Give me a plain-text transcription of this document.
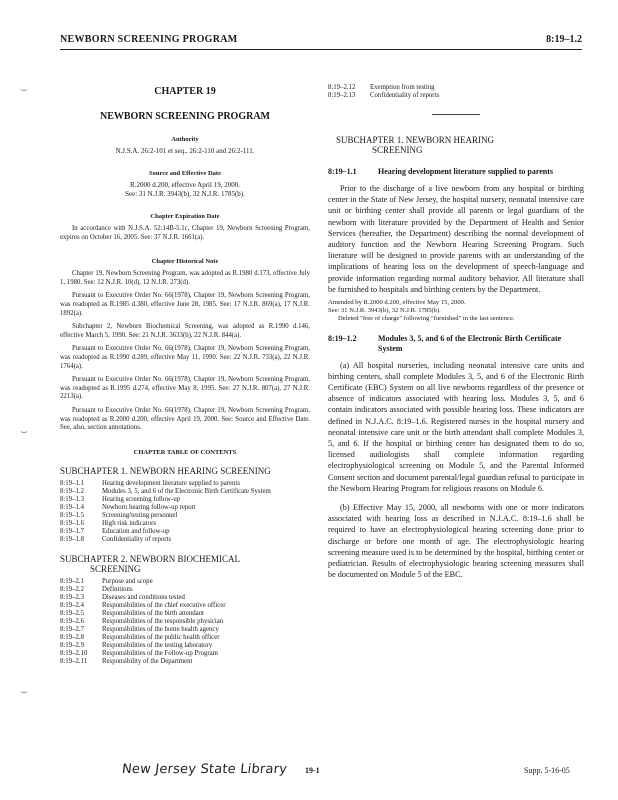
NEWBORN SCREENING PROGRAM	8:19–1.2
⌣
⌣
⌣
CHAPTER 19
NEWBORN SCREENING PROGRAM
Authority
N.J.S.A. 26:2-101 et seq., 26:2-110 and 26:2-111.
Source and Effective Date
R.2000 d.200, effective April 19, 2000.
See: 31 N.J.R. 3943(b), 32 N.J.R. 1785(b).
Chapter Expiration Date

In accordance with N.J.S.A. 52:14B-5.1c, Chapter 19, Newborn Screening Program, expires on October 16, 2005. See: 37 N.J.R. 1661(a).

Chapter Historical Note

Chapter 19, Newborn Screening Program, was adopted as R.1980 d.173, effective July 1, 1980. See: 12 N.J.R. 10(d), 12 N.J.R. 273(d).

Pursuant to Executive Order No. 66(1978), Chapter 19, Newborn Screening Program, was readopted as R.1985 d.380, effective June 28, 1985. See: 17 N.J.R. 869(a), 17 N.J.R. 1892(a).

Subchapter 2, Newborn Biochemical Screening, was adopted as R.1990 d.146, effective March 5, 1990. See: 21 N.J.R. 3633(b), 22 N.J.R. 844(a).

Pursuant to Executive Order No. 66(1978), Chapter 19, Newborn Screening Program, was readopted as R.1990 d.289, effective May 11, 1990. See: 22 N.J.R. 733(a), 22 N.J.R. 1764(a).

Pursuant to Executive Order No. 66(1978), Chapter 19, Newborn Screening Program, was readopted as R.1995 d.274, effective May 8, 1995. See: 27 N.J.R. 807(a), 27 N.J.R. 2213(a).

Pursuant to Executive Order No. 66(1978), Chapter 19, Newborn Screening Program, was readopted as R.2000 d.200, effective April 19, 2000. See: Source and Effective Date. See, also, section annotations.

CHAPTER TABLE OF CONTENTS
SUBCHAPTER 1. NEWBORN HEARING SCREENING
8:19–1.1	Hearing development literature supplied to parents
8:19–1.2	Modules 3, 5, and 6 of the Electronic Birth Certificate System
8:19–1.3	Hearing screening follow-up
8:19–1.4	Newborn hearing follow-up report
8:19–1.5	Screening/testing personnel
8:19–1.6	High risk indicators
8:19–1.7	Education and follow-up
8:19–1.8	Confidentiality of reports
SUBCHAPTER 2. NEWBORN BIOCHEMICAL
SCREENING
8:19–2.1	Purpose and scope
8:19–2.2	Definitions
8:19–2.3	Diseases and conditions tested
8:19–2.4	Responsibilities of the chief executive officer
8:19–2.5	Responsibilities of the birth attendant
8:19–2.6	Responsibilities of the responsible physician
8:19–2.7	Responsibilities of the home health agency
8:19–2.8	Responsibilities of the public health officer
8:19–2.9	Responsibilities of the testing laboratory
8:19–2.10	Responsibilities of the Follow-up Program
8:19–2.11	Responsibility of the Department
8:19–2.12	Exemption from testing
8:19–2.13	Confidentiality of reports
SUBCHAPTER 1. NEWBORN HEARING
SCREENING
8:19–1.1	Hearing development literature supplied to parents

Prior to the discharge of a live newborn from any hospital or birthing center in the State of New Jersey, the hospital nursery, neonatal intensive care unit or birthing center shall provide all parents or legal guardians of the newborn with literature provided by the Department of Health and Senior Services (hereafter, the Department) describing the normal development of auditory function and the Newborn Hearing Screening Program. Such literature will be designed to provide parents with an understanding of the implications of hearing loss on the development of speech-language and provide information regarding normal auditory behavior. All literature shall be furnished to hospitals and birthing centers by the Department.

Amended by R.2000 d.200, effective May 15, 2000.
See: 31 N.J.R. 3943(b), 32 N.J.R. 1785(b).
Deleted "free of charge" following "furnished" in the last sentence.
8:19–1.2	Modules 3, 5, and 6 of the Electronic Birth Certificate System

(a) All hospital nurseries, including neonatal intensive care units and birthing centers, shall complete Modules 3, 5, and 6 of the Electronic Birth Certificate (EBC) System on all live newborns regardless of the presence or absence of indicators associated with hearing loss. Modules 3, 5, and 6 contain indicators associated with possible hearing loss. These indicators are defined in N.J.A.C. 8:19–1.6. Registered nurses in the hospital nursery and neonatal intensive care unit or the birth attendant shall complete Modules 3, 5, and 6. If the hospital or birthing center has designated them to do so, licensed audiologists shall complete information regarding electrophysiological screening on Module 5, and the Parental Informed Consent section and document parental/legal guardian refusal to participate in the Newborn Hearing Program for religious reasons on Module 6.

(b) Effective May 15, 2000, all newborns with one or more indicators associated with hearing loss as described in N.J.A.C. 8:19–1.6 shall be required to have an electrophysiological hearing screening done prior to discharge or before one month of age. The electrophysiologic hearing screening measure used is to be determined by the hospital, birthing center or pediatrician. Results of electrophysiologic hearing screening measures shall be documented on Module 5 of the EBC.

New Jersey State Library 19-1	Supp. 5-16-05
